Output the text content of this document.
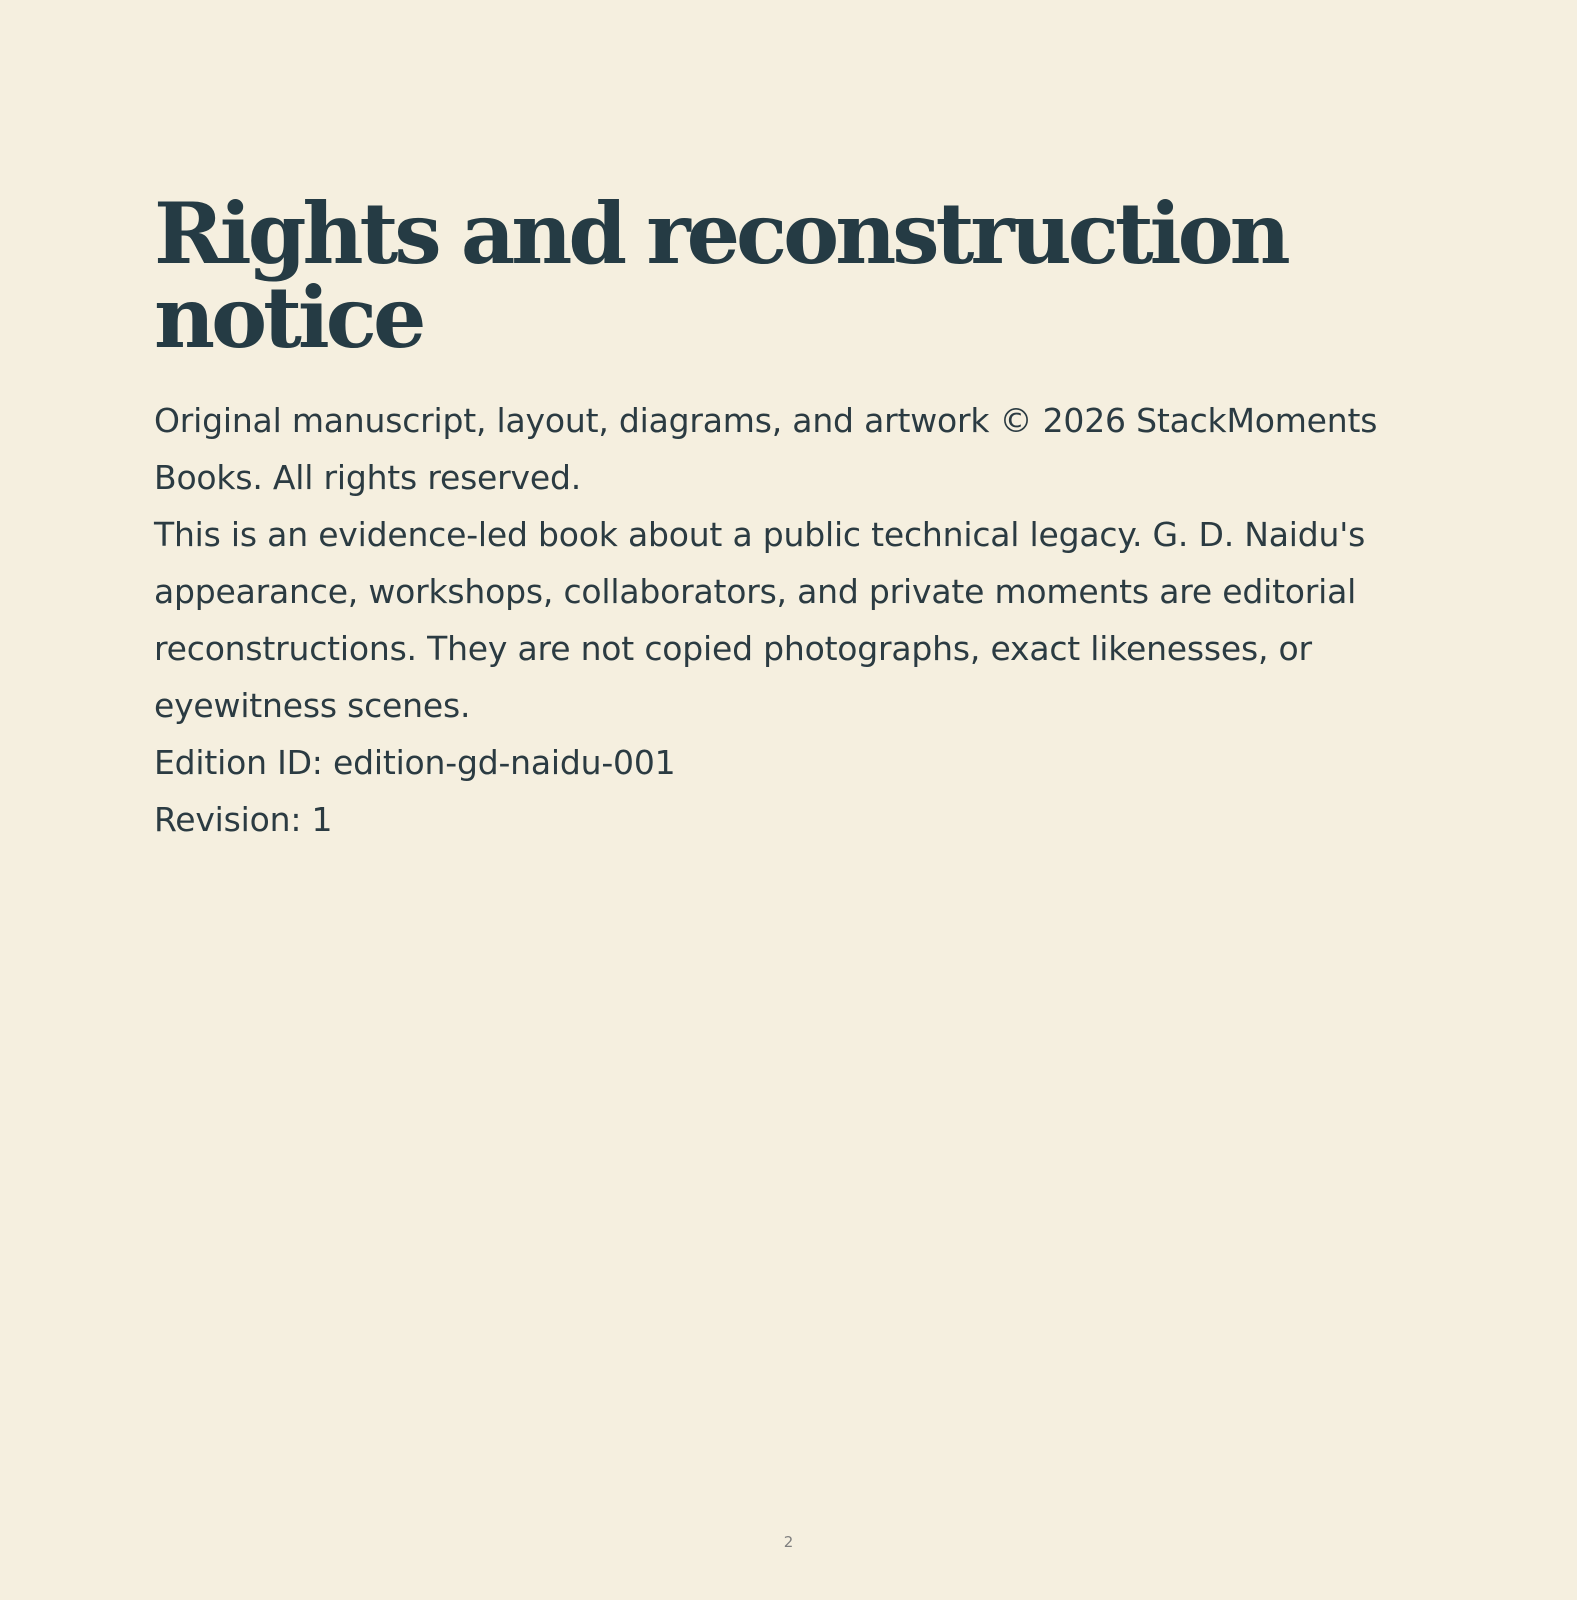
Rights and reconstruction notice

Original manuscript, layout, diagrams, and artwork © 2026 StackMoments Books. All rights reserved.

This is an evidence-led book about a public technical legacy. G. D. Naidu's appearance, workshops, collaborators, and private moments are editorial reconstructions. They are not copied photographs, exact likenesses, or eyewitness scenes.

Edition ID: edition-gd-naidu-001

Revision: 1

2
